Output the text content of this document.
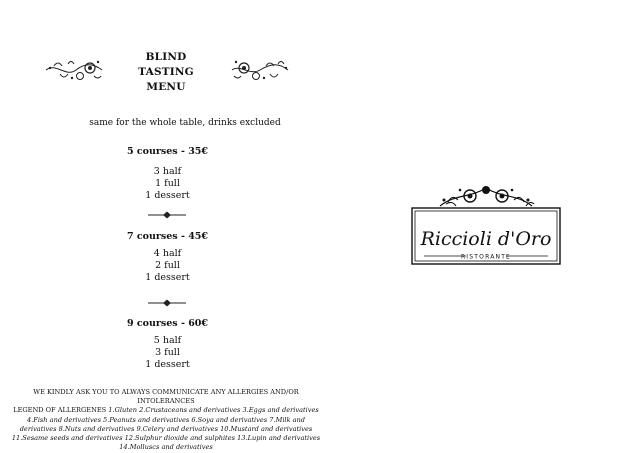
BLIND
TASTING
MENU
same for the whole table, drinks excluded
5 courses - 35€
3 half
1 full
1 dessert
7 courses - 45€
4 half
2 full
1 dessert
9 courses - 60€
5 half
3 full
1 dessert
WE KINDLY ASK YOU TO ALWAYS COMMUNICATE ANY ALLERGIES AND/OR INTOLERANCES
LEGEND OF ALLERGENES 1.Gluten 2.Crustaceans and derivatives 3.Eggs and derivatives 4.Fish and derivatives 5.Peanuts and derivatives 6.Soya and derivatives 7.Milk and derivatives 8.Nuts and derivatives 9.Celery and derivatives 10.Mustard and derivatives 11.Sesame seeds and derivatives 12.Sulphur dioxide and sulphites 13.Lupin and derivatives 14.Molluscs and derivatives
Riccioli d'Oro
RISTORANTE
